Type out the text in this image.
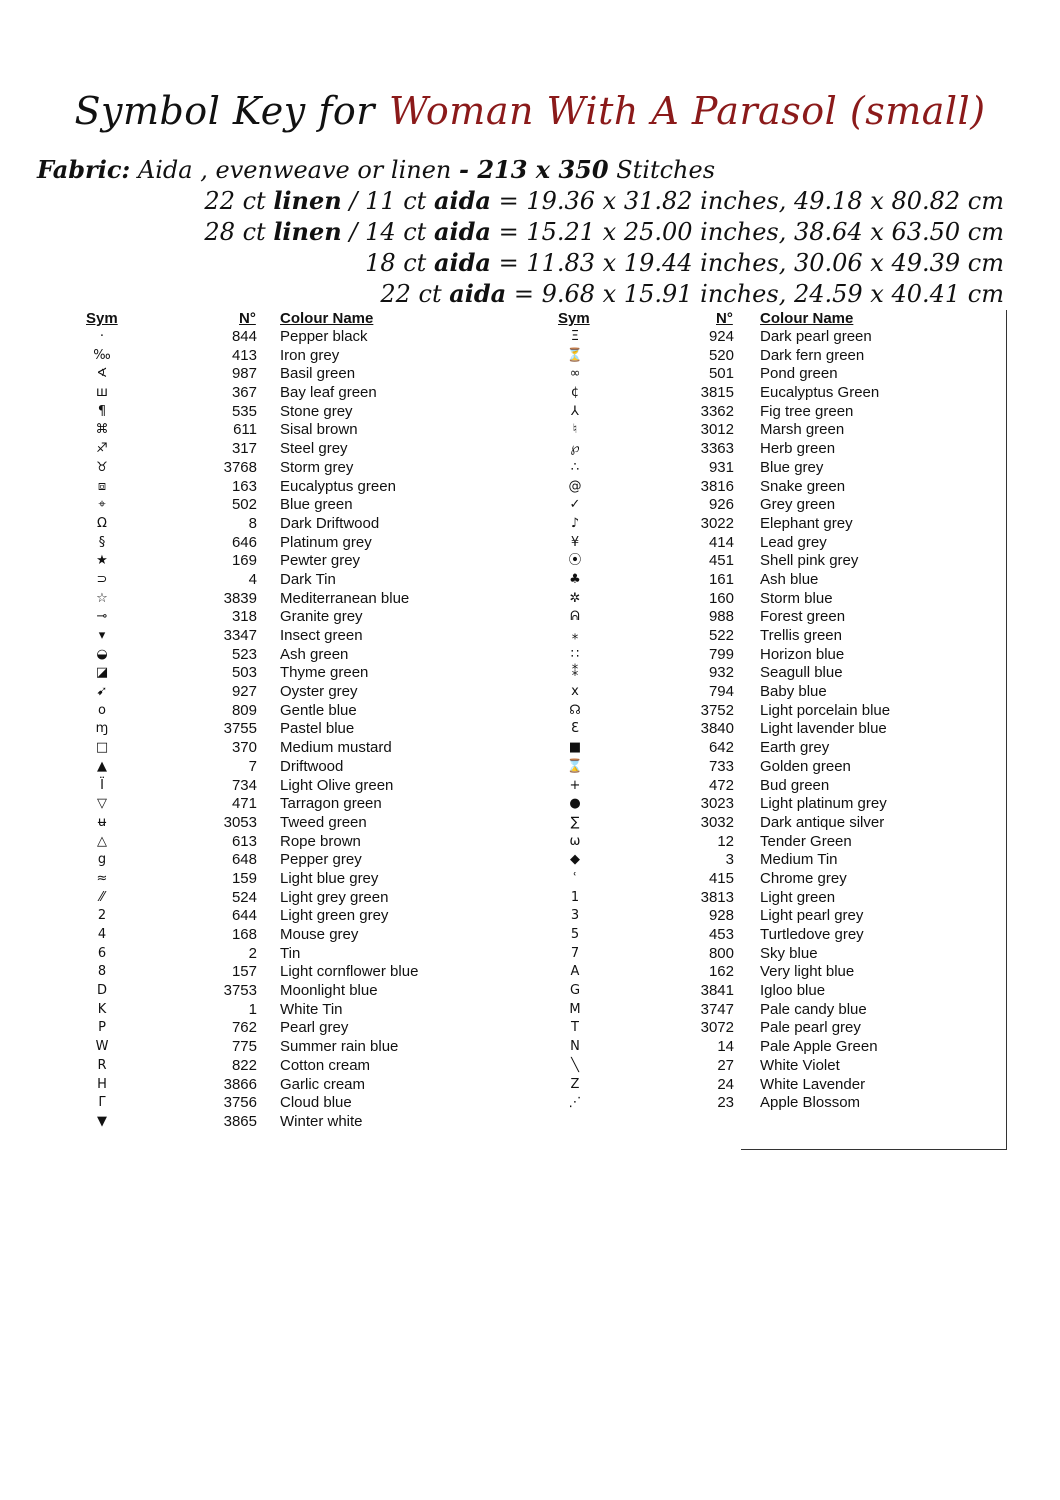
Symbol Key for Woman With A Parasol (small)
Fabric: Aida , evenweave or linen - 213 x 350 Stitches
22 ct linen / 11 ct aida = 19.36 x 31.82 inches, 49.18 x 80.82 cm
28 ct linen / 14 ct aida = 15.21 x 25.00 inches, 38.64 x 63.50 cm
18 ct aida = 11.83 x 19.44 inches, 30.06 x 49.39 cm
22 ct aida = 9.68 x 15.91 inches, 24.59 x 40.41 cm
Sym	N° Colour Name
·	844 Pepper black
‰	413 Iron grey
∢	987 Basil green
ш	367 Bay leaf green
¶	535 Stone grey
⌘	611 Sisal brown
♐	317 Steel grey
♉	3768 Storm grey
⧈	163 Eucalyptus green
⌖	502 Blue green
Ω	8 Dark Driftwood
§	646 Platinum grey
★	169 Pewter grey
⊃	4 Dark Tin
☆	3839 Mediterranean blue
⊸	318 Granite grey
▾	3347 Insect green
◒	523 Ash green
◪	503 Thyme green
➹	927 Oyster grey
o	809 Gentle blue
ɱ	3755 Pastel blue
□	370 Medium mustard
▲	7 Driftwood
Ϊ	734 Light Olive green
▽	471 Tarragon green
ʉ	3053 Tweed green
△	613 Rope brown
g	648 Pepper grey
≈	159 Light blue grey
⁄⁄	524 Light grey green
2	644 Light green grey
4	168 Mouse grey
6	2 Tin
8	157 Light cornflower blue
D	3753 Moonlight blue
K	1 White Tin
P	762 Pearl grey
W	775 Summer rain blue
R	822 Cotton cream
H	3866 Garlic cream
Γ	3756 Cloud blue
▼	3865 Winter white
Sym	N° Colour Name
Ξ	924 Dark pearl green
⏳	520 Dark fern green
∞	501 Pond green
¢	3815 Eucalyptus Green
⅄	3362 Fig tree green
♮	3012 Marsh green
℘	3363 Herb green
∴	931 Blue grey
@	3816 Snake green
✓	926 Grey green
♪	3022 Elephant grey
¥	414 Lead grey
⦿	451 Shell pink grey
♣	161 Ash blue
✲	160 Storm blue
ᕱ	988 Forest green
⁎	522 Trellis green
∷	799 Horizon blue
⁑	932 Seagull blue
x	794 Baby blue
☊	3752 Light porcelain blue
Ɛ	3840 Light lavender blue
■	642 Earth grey
⌛	733 Golden green
+	472 Bud green
●	3023 Light platinum grey
∑	3032 Dark antique silver
ω	12 Tender Green
◆	3 Medium Tin
ʿ	415 Chrome grey
1	3813 Light green
3	928 Light pearl grey
5	453 Turtledove grey
7	800 Sky blue
A	162 Very light blue
G	3841 Igloo blue
M	3747 Pale candy blue
T	3072 Pale pearl grey
N	14 Pale Apple Green
╲	27 White Violet
Z	24 White Lavender
⋰	23 Apple Blossom
